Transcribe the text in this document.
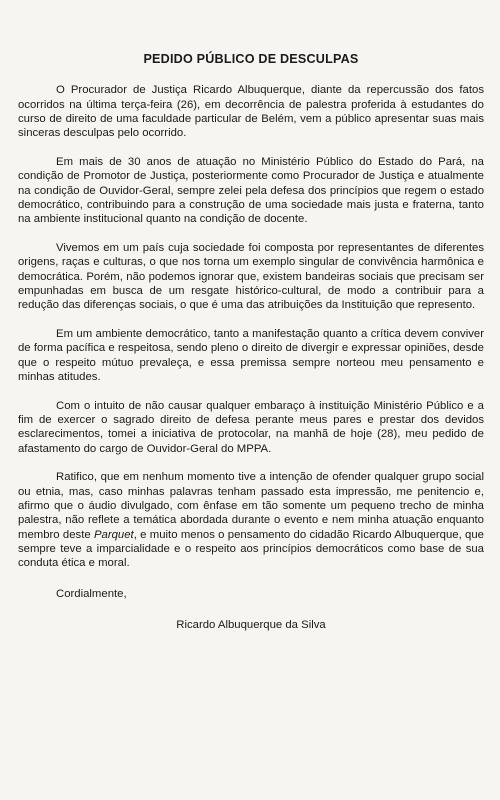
PEDIDO PÚBLICO DE DESCULPAS

O Procurador de Justiça Ricardo Albuquerque, diante da repercussão dos fatos ocorridos na última terça-feira (26), em decorrência de palestra proferida à estudantes do curso de direito de uma faculdade particular de Belém, vem a público apresentar suas mais sinceras desculpas pelo ocorrido.

Em mais de 30 anos de atuação no Ministério Público do Estado do Pará, na condição de Promotor de Justiça, posteriormente como Procurador de Justiça e atualmente na condição de Ouvidor-Geral, sempre zelei pela defesa dos princípios que regem o estado democrático, contribuindo para a construção de uma sociedade mais justa e fraterna, tanto na ambiente institucional quanto na condição de docente.

Vivemos em um país cuja sociedade foi composta por representantes de diferentes origens, raças e culturas, o que nos torna um exemplo singular de convivência harmônica e democrática. Porém, não podemos ignorar que, existem bandeiras sociais que precisam ser empunhadas em busca de um resgate histórico-cultural, de modo a contribuir para a redução das diferenças sociais, o que é uma das atribuições da Instituição que represento.

Em um ambiente democrático, tanto a manifestação quanto a crítica devem conviver de forma pacífica e respeitosa, sendo pleno o direito de divergir e expressar opiniões, desde que o respeito mútuo prevaleça, e essa premissa sempre norteou meu pensamento e minhas atitudes.

Com o intuito de não causar qualquer embaraço à instituição Ministério Público e a fim de exercer o sagrado direito de defesa perante meus pares e prestar dos devidos esclarecimentos, tomei a iniciativa de protocolar, na manhã de hoje (28), meu pedido de afastamento do cargo de Ouvidor-Geral do MPPA.

Ratifico, que em nenhum momento tive a intenção de ofender qualquer grupo social ou etnia, mas, caso minhas palavras tenham passado esta impressão, me penitencio e, afirmo que o áudio divulgado, com ênfase em tão somente um pequeno trecho de minha palestra, não reflete a temática abordada durante o evento e nem minha atuação enquanto membro deste Parquet, e muito menos o pensamento do cidadão Ricardo Albuquerque, que sempre teve a imparcialidade e o respeito aos princípios democráticos como base de sua conduta ética e moral.

Cordialmente,
Ricardo Albuquerque da Silva
